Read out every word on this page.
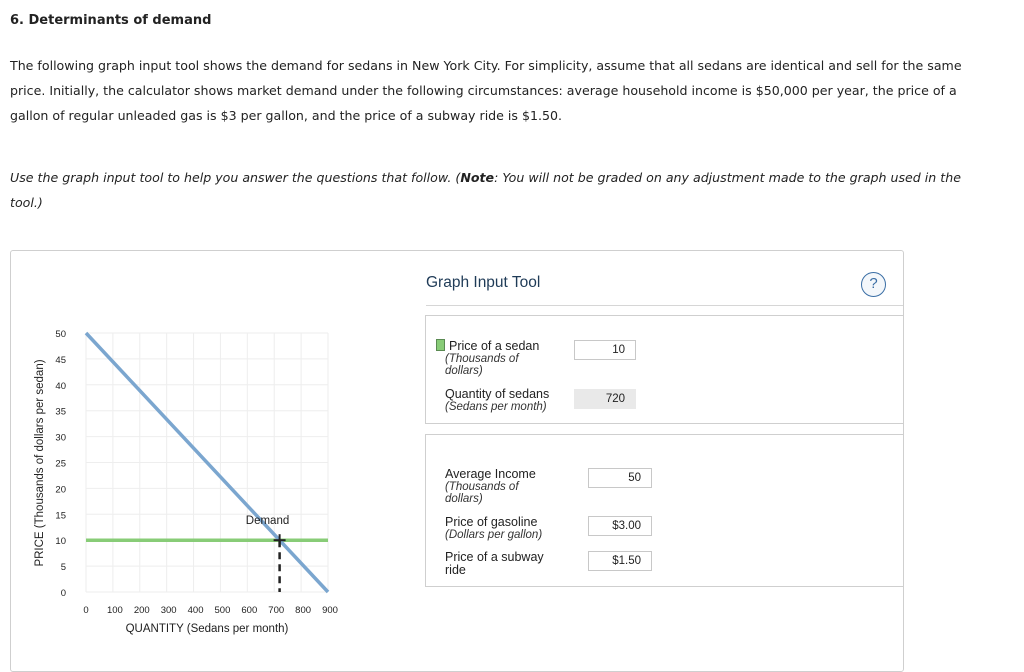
6. Determinants of demand
The following graph input tool shows the demand for sedans in New York City. For simplicity, assume that all sedans are identical and sell for the same price. Initially, the calculator shows market demand under the following circumstances: average household income is $50,000 per year, the price of a gallon of regular unleaded gas is $3 per gallon, and the price of a subway ride is $1.50.
Use the graph input tool to help you answer the questions that follow. (Note: You will not be graded on any adjustment made to the graph used in the tool.)
QUANTITY (Sedans per month)
PRICE (Thousands of dollars per sedan)
0
5
10
15
20
25
30
35
40
45
50
0 100 200 300 400 500 600 700 800 900
Demand
Graph Input Tool	?
Price of a sedan
(Thousands of dollars)
10
Quantity of sedans
(Sedans per month)
720
Average Income
(Thousands of dollars)
50
Price of gasoline
(Dollars per gallon)
$3.00
Price of a subway ride
$1.50
